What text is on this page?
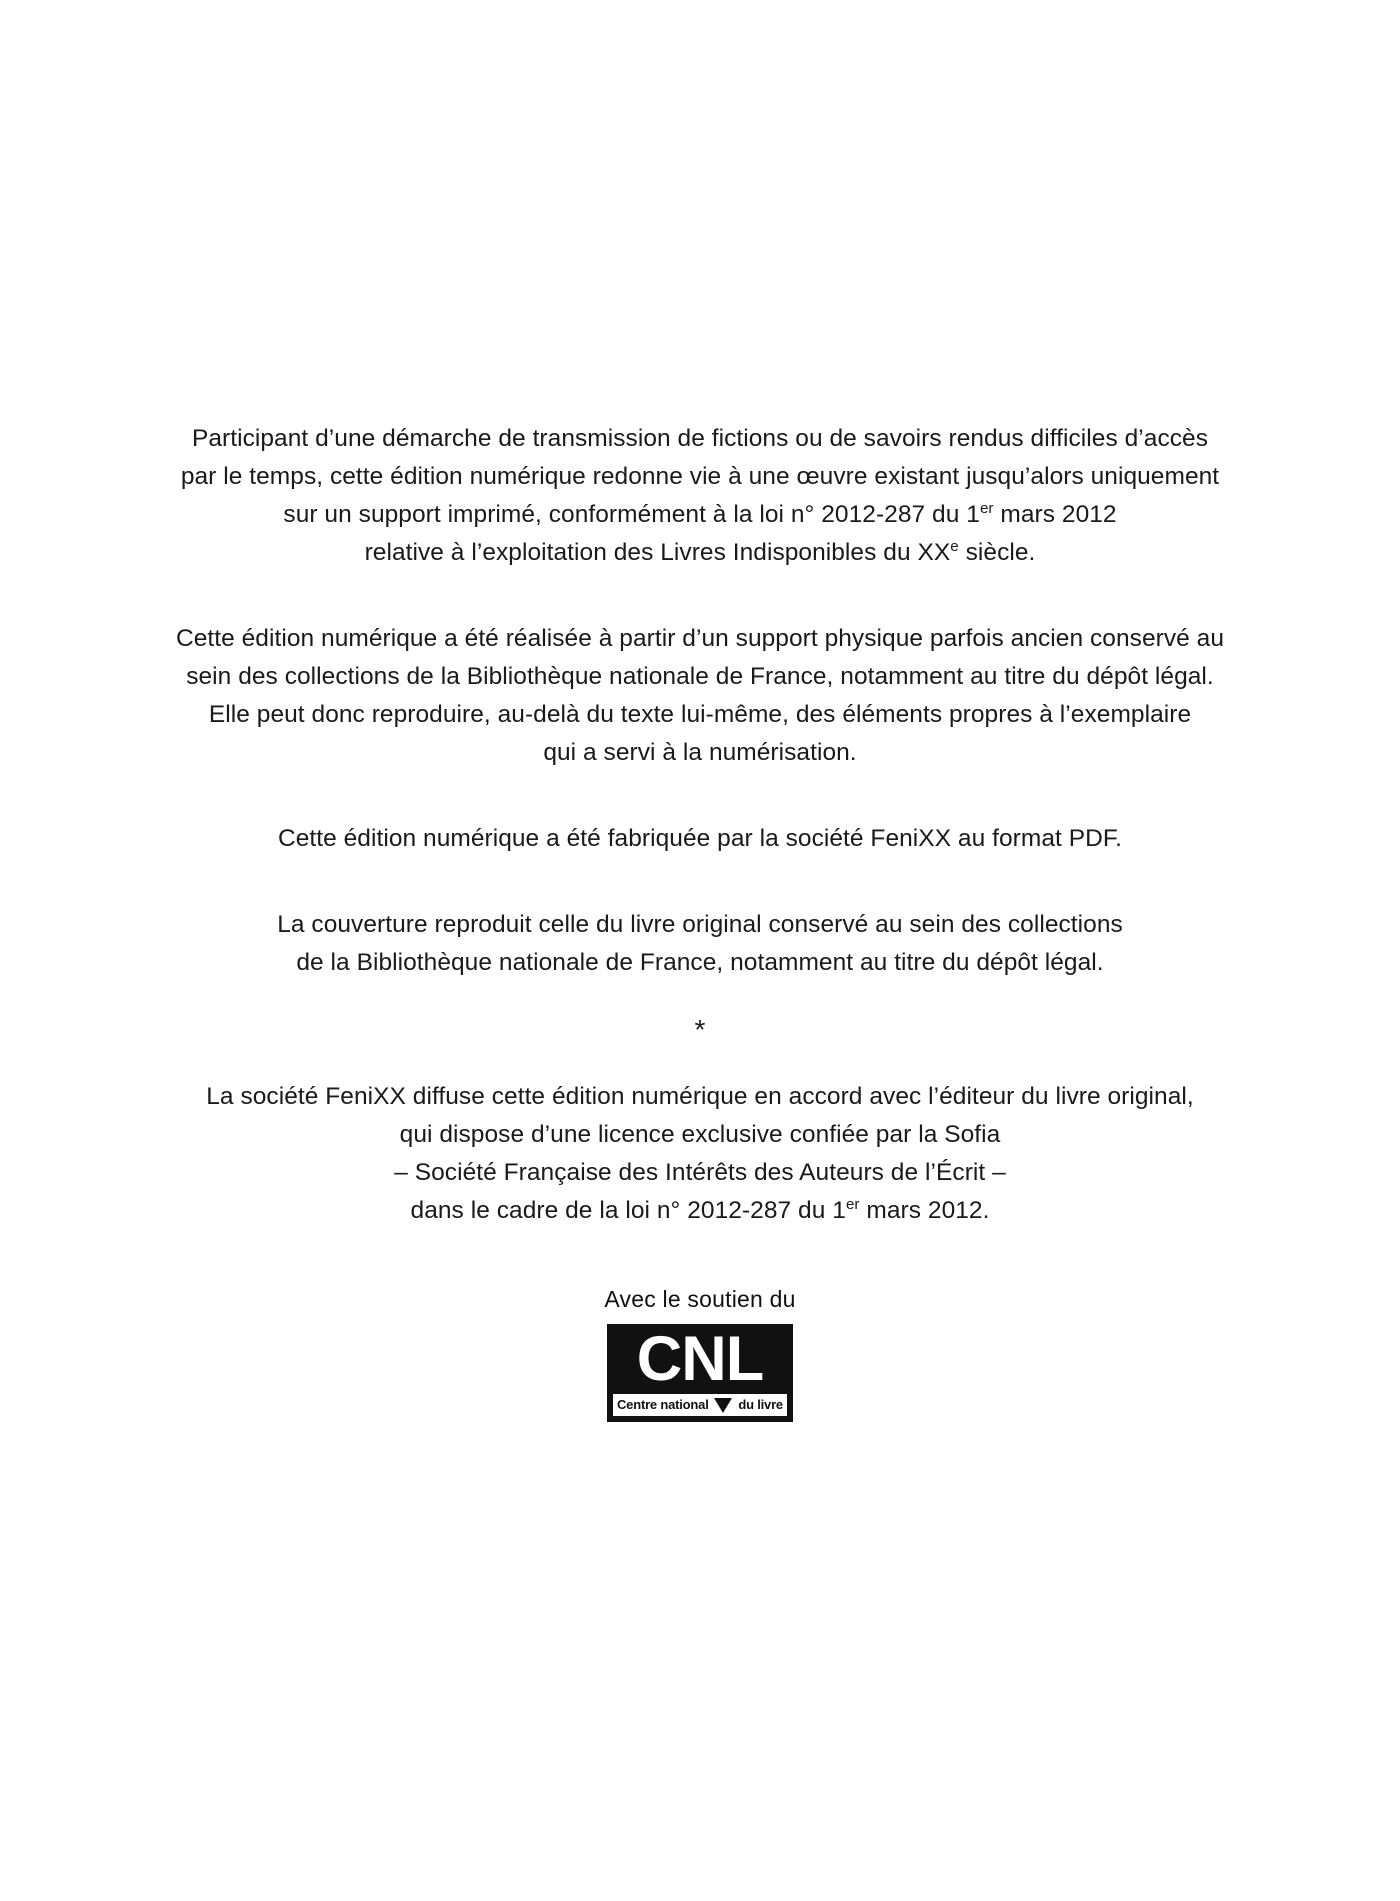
Participant d’une démarche de transmission de fictions ou de savoirs rendus difficiles d’accès
par le temps, cette édition numérique redonne vie à une œuvre existant jusqu’alors uniquement
sur un support imprimé, conformément à la loi n° 2012-287 du 1er mars 2012
relative à l’exploitation des Livres Indisponibles du XXe siècle.
Cette édition numérique a été réalisée à partir d’un support physique parfois ancien conservé au
sein des collections de la Bibliothèque nationale de France, notamment au titre du dépôt légal.
Elle peut donc reproduire, au-delà du texte lui-même, des éléments propres à l’exemplaire
qui a servi à la numérisation.
Cette édition numérique a été fabriquée par la société FeniXX au format PDF.
La couverture reproduit celle du livre original conservé au sein des collections
de la Bibliothèque nationale de France, notamment au titre du dépôt légal.
*
La société FeniXX diffuse cette édition numérique en accord avec l’éditeur du livre original,
qui dispose d’une licence exclusive confiée par la Sofia
– Société Française des Intérêts des Auteurs de l’Écrit –
dans le cadre de la loi n° 2012-287 du 1er mars 2012.
Avec le soutien du
CNL
Centre national du livre
